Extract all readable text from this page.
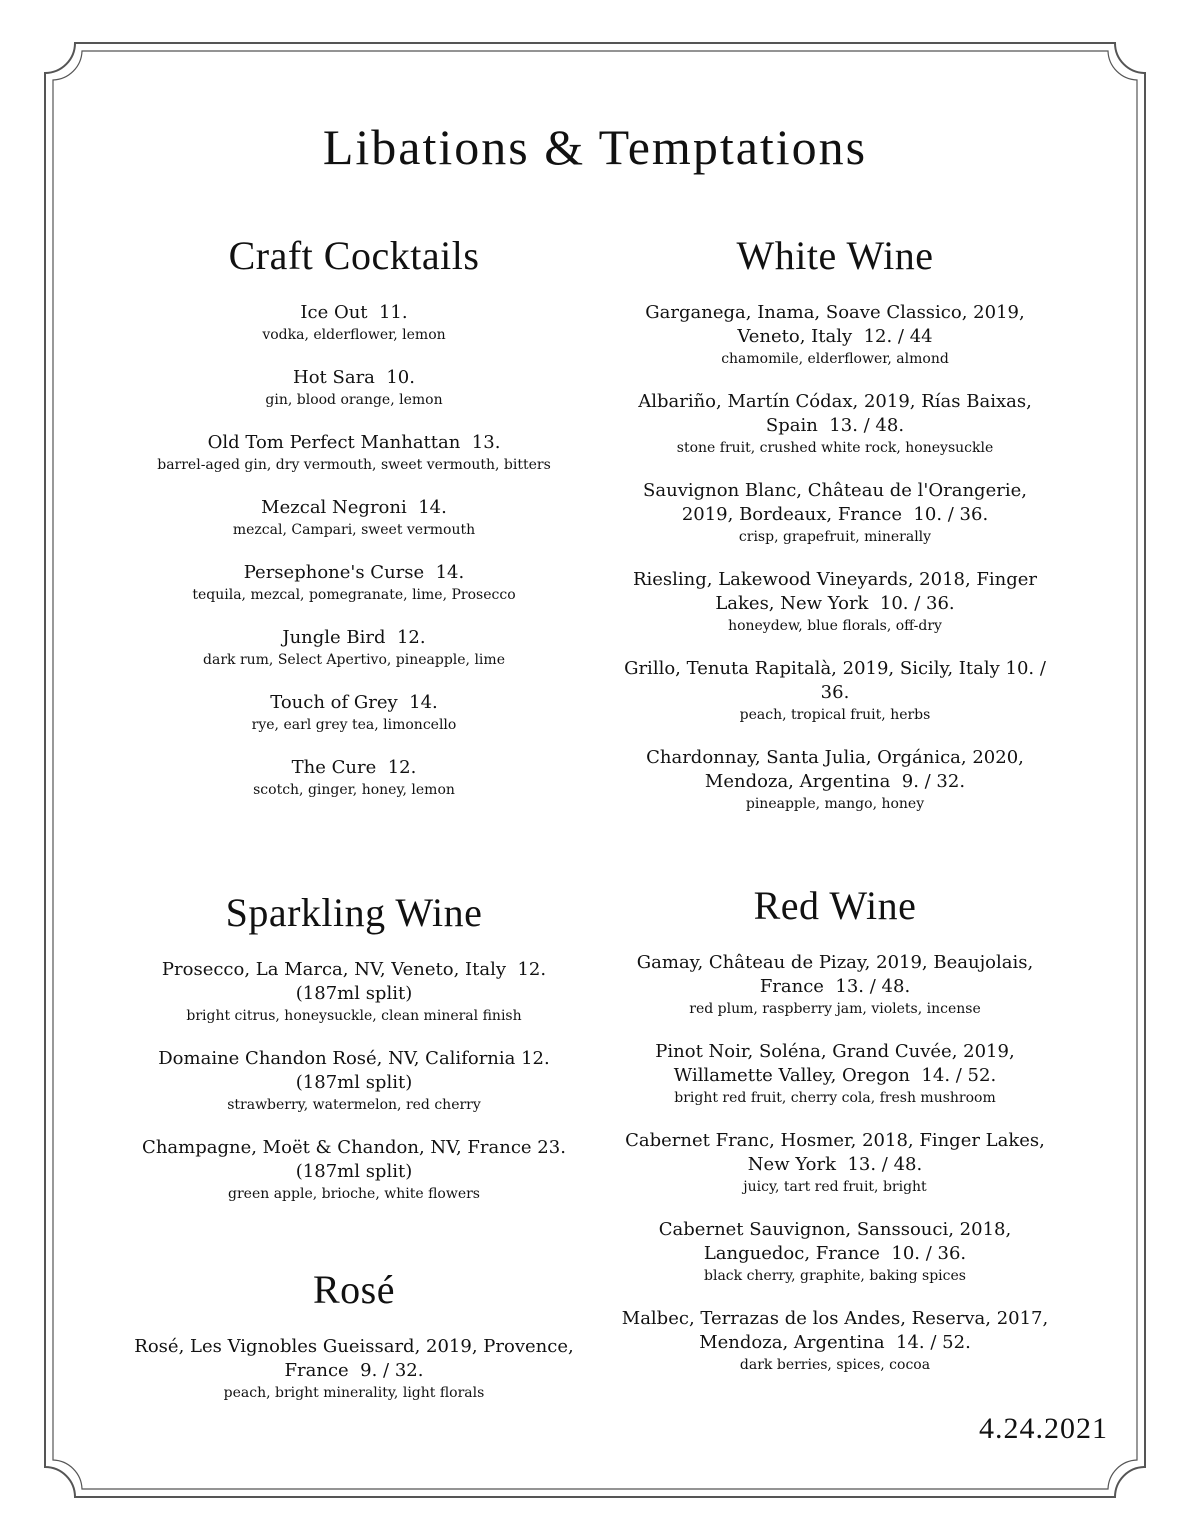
Libations & Temptations
Craft Cocktails
Ice Out  11.
vodka, elderflower, lemon
Hot Sara  10.
gin, blood orange, lemon
Old Tom Perfect Manhattan  13.
barrel-aged gin, dry vermouth, sweet vermouth, bitters
Mezcal Negroni  14.
mezcal, Campari, sweet vermouth
Persephone's Curse  14.
tequila, mezcal, pomegranate, lime, Prosecco
Jungle Bird  12.
dark rum, Select Apertivo, pineapple, lime
Touch of Grey  14.
rye, earl grey tea, limoncello
The Cure  12.
scotch, ginger, honey, lemon
White Wine
Garganega, Inama, Soave Classico, 2019, Veneto, Italy  12. / 44
chamomile, elderflower, almond
Albariño, Martín Códax, 2019, Rías Baixas, Spain  13. / 48.
stone fruit, crushed white rock, honeysuckle
Sauvignon Blanc, Château de l'Orangerie, 2019, Bordeaux, France  10. / 36.
crisp, grapefruit, minerally
Riesling, Lakewood Vineyards, 2018, Finger Lakes, New York  10. / 36.
honeydew, blue florals, off-dry
Grillo, Tenuta Rapitalà, 2019, Sicily, Italy 10. / 36.
peach, tropical fruit, herbs
Chardonnay, Santa Julia, Orgánica, 2020, Mendoza, Argentina  9. / 32.
pineapple, mango, honey
Sparkling Wine
Prosecco, La Marca, NV, Veneto, Italy  12. (187ml split)
bright citrus, honeysuckle, clean mineral finish
Domaine Chandon Rosé, NV, California 12.  (187ml split)
strawberry, watermelon, red cherry
Champagne, Moët & Chandon, NV, France 23. (187ml split)
green apple, brioche, white flowers
Rosé
Rosé, Les Vignobles Gueissard, 2019, Provence, France  9. / 32.
peach, bright minerality, light florals
Red Wine
Gamay, Château de Pizay, 2019, Beaujolais, France  13. / 48.
red plum, raspberry jam, violets, incense
Pinot Noir, Soléna, Grand Cuvée, 2019, Willamette Valley, Oregon  14. / 52.
bright red fruit, cherry cola, fresh mushroom
Cabernet Franc, Hosmer, 2018, Finger Lakes, New York  13. / 48.
juicy, tart red fruit, bright
Cabernet Sauvignon, Sanssouci, 2018, Languedoc, France  10. / 36.
black cherry, graphite, baking spices
Malbec, Terrazas de los Andes, Reserva, 2017, Mendoza, Argentina  14. / 52.
dark berries, spices, cocoa
4.24.2021
